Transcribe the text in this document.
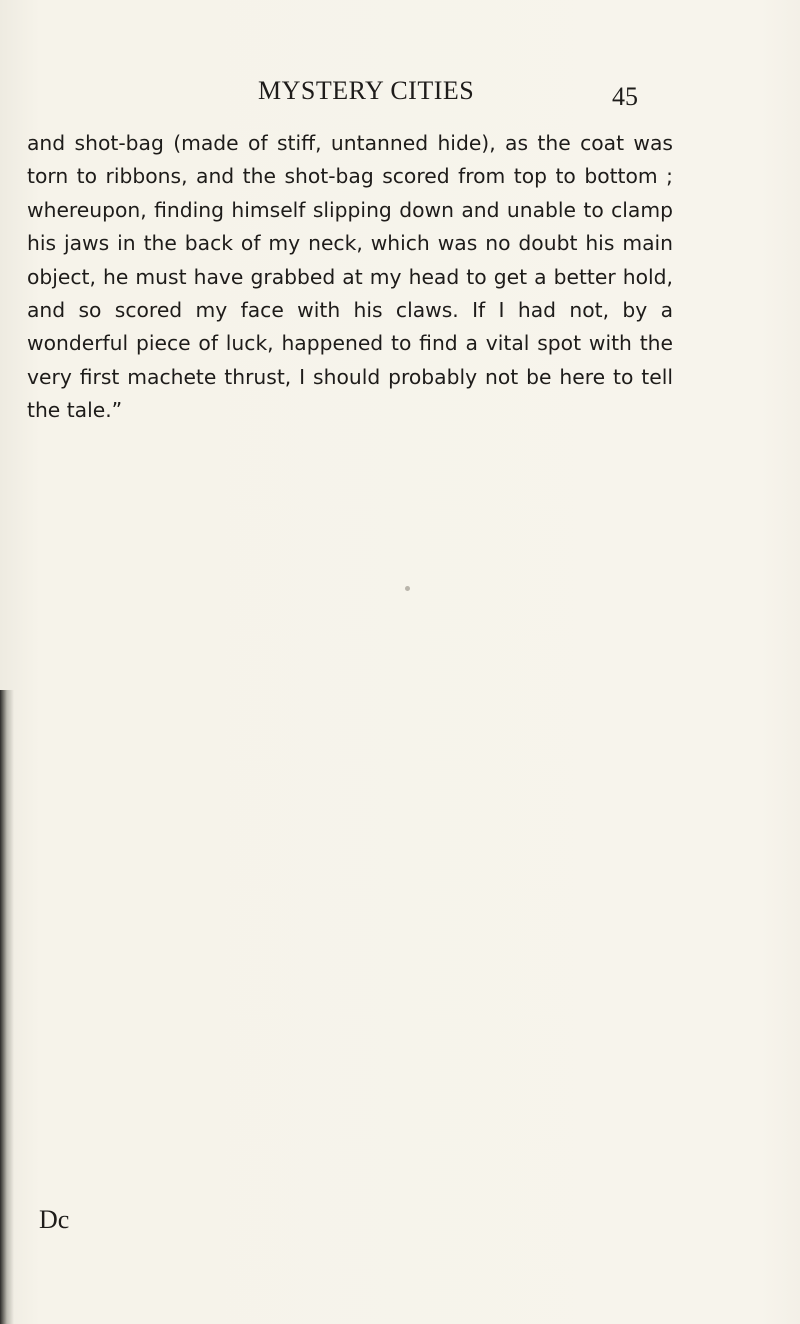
MYSTERY CITIES	45

and shot-bag (made of stiff, untanned hide), as the coat was torn to ribbons, and the shot-bag scored from top to bottom ; whereupon, finding himself slipping down and unable to clamp his jaws in the back of my neck, which was no doubt his main object, he must have grabbed at my head to get a better hold, and so scored my face with his claws. If I had not, by a wonderful piece of luck, happened to find a vital spot with the very first machete thrust, I should probably not be here to tell the tale.”

Dc
